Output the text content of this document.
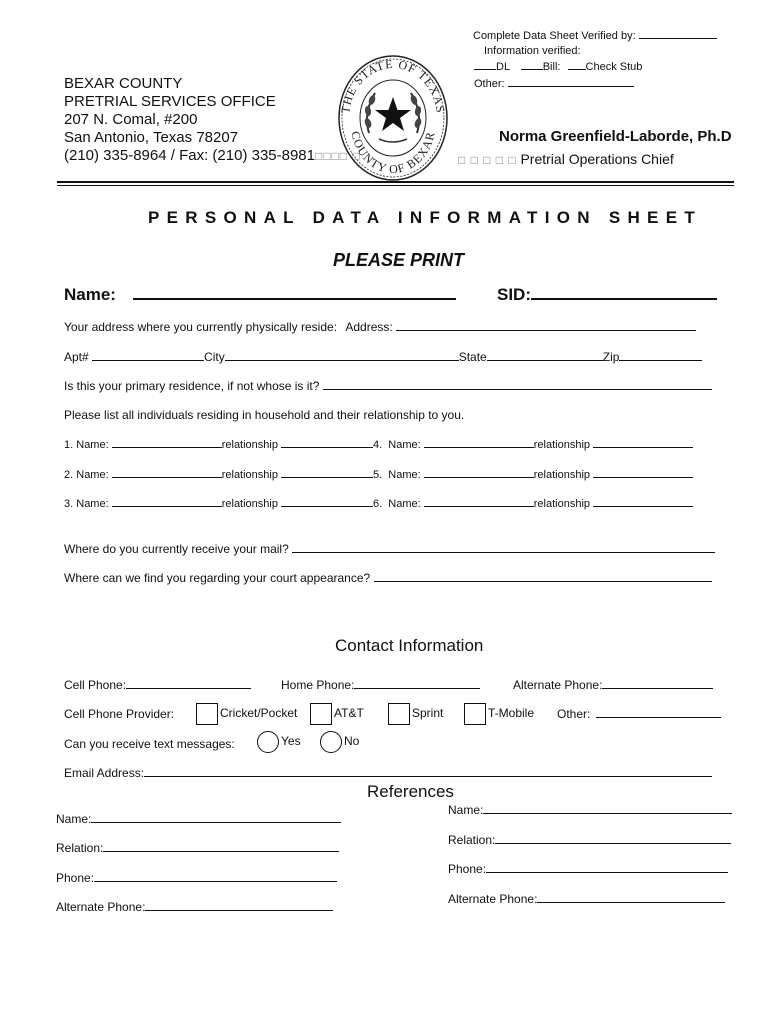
Complete Data Sheet Verified by:
Information verified:
DL	Bill: Check Stub
Other:
BEXAR COUNTY
PRETRIAL SERVICES OFFICE
207 N. Comal, #200
San Antonio, Texas 78207
(210) 335-8964 / Fax: (210) 335-8981□□□□ □
THE STATE OF TEXAS
COUNTY OF BEXAR	Norma Greenfield-Laborde, Ph.D
□ □ □ □ □ Pretrial Operations Chief
PERSONAL DATA INFORMATION SHEET
PLEASE PRINT
Name:	SID:
Your address where you currently physically reside: Address:
Apt#	City	State	Zip
Is this your primary residence, if not whose is it?
Please list all individuals residing in household and their relationship to you.
1. Name:	relationship	4. Name:	relationship
2. Name:	relationship	5. Name:	relationship
3. Name:	relationship	6. Name:	relationship
Where do you currently receive your mail?
Where can we find you regarding your court appearance?
Contact Information
Cell Phone:	Home Phone:	Alternate Phone:
Cell Phone Provider:	Cricket/Pocket	AT&T	Sprint	T-Mobile Other:
Can you receive text messages:	Yes	No
Email Address:
References
Name:
Relation:
Phone:
Alternate Phone:
Name:
Relation:
Phone:
Alternate Phone:
